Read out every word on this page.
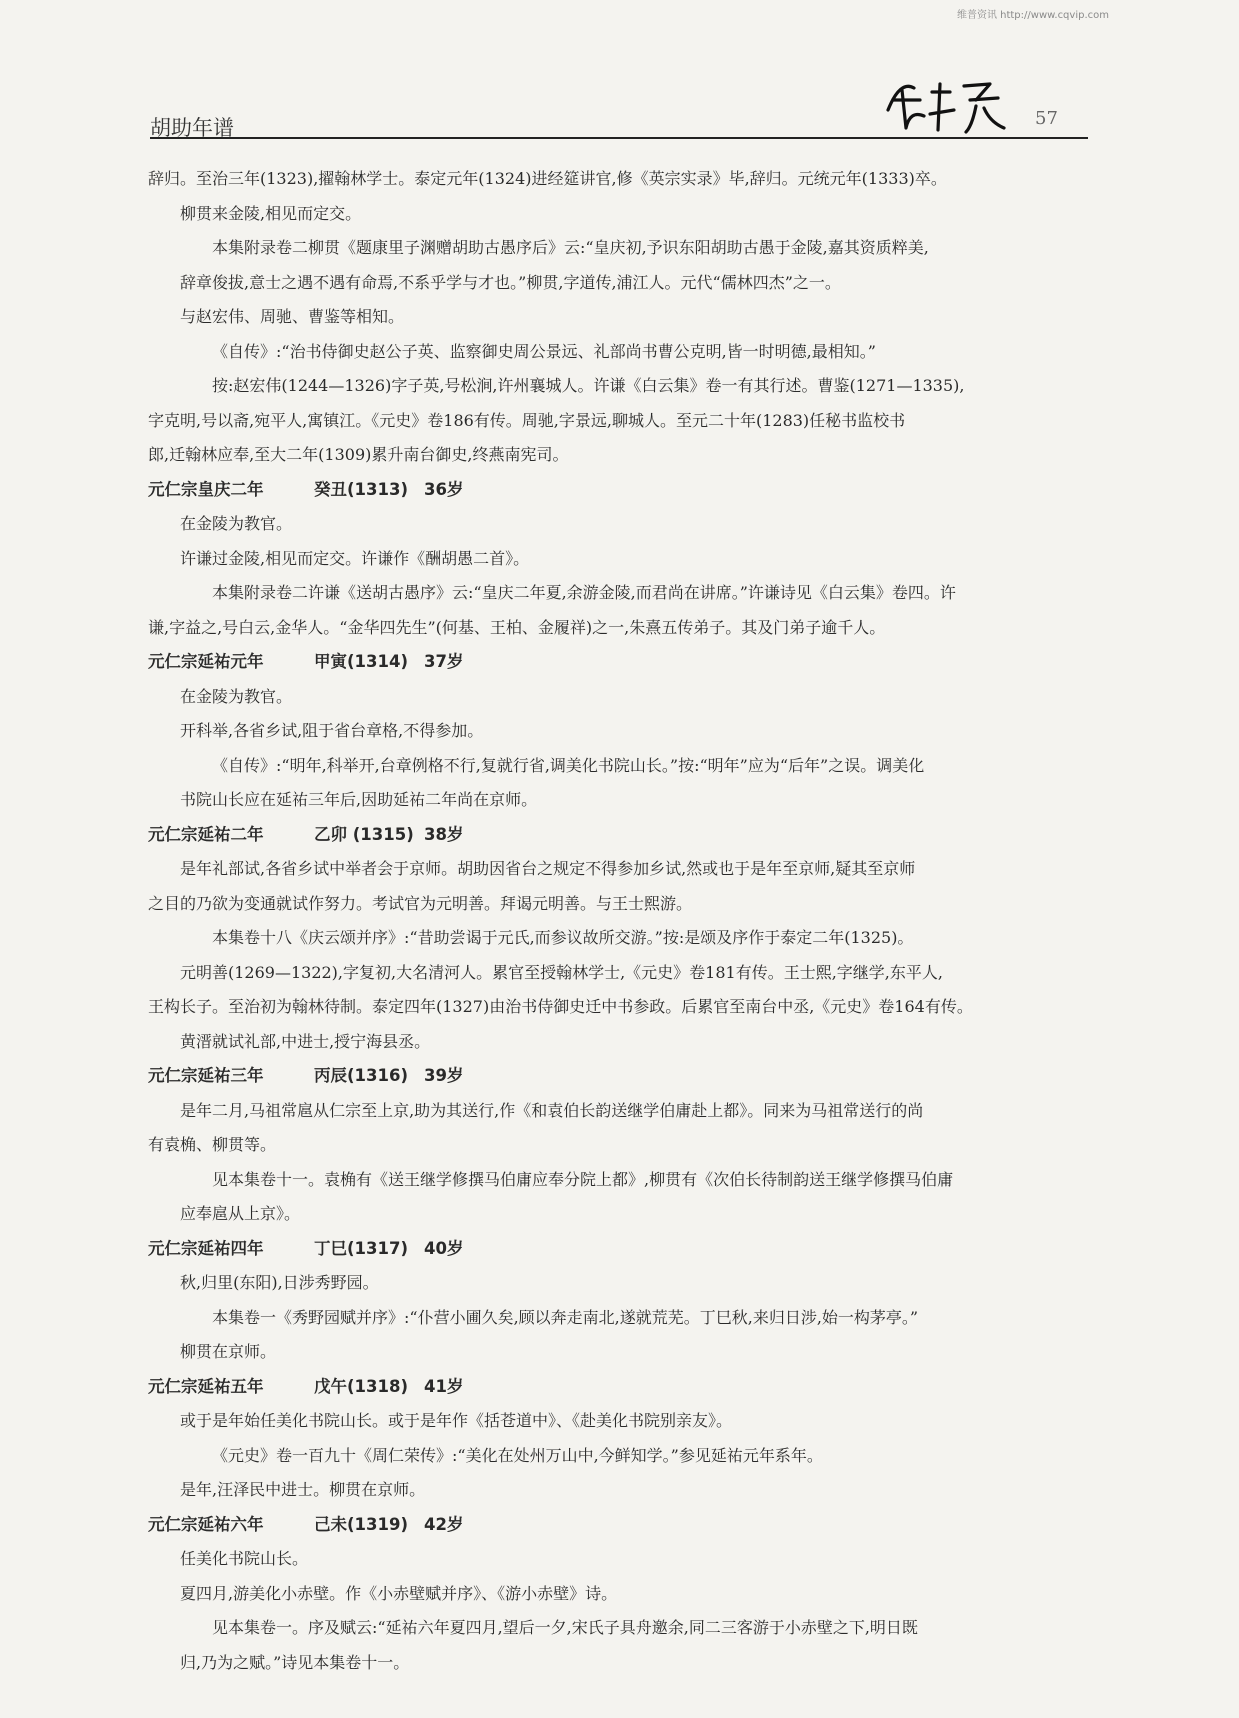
维普资讯 http://www.cqvip.com
胡助年谱	57

辞归。至治三年(1323),擢翰林学士。泰定元年(1324)进经筵讲官,修《英宗实录》毕,辞归。元统元年(1333)卒。

柳贯来金陵,相见而定交。

本集附录卷二柳贯《题康里子渊赠胡助古愚序后》云:“皇庆初,予识东阳胡助古愚于金陵,嘉其资质粹美,

辞章俊拔,意士之遇不遇有命焉,不系乎学与才也。”柳贯,字道传,浦江人。元代“儒林四杰”之一。

与赵宏伟、周驰、曹鉴等相知。

《自传》:“治书侍御史赵公子英、监察御史周公景远、礼部尚书曹公克明,皆一时明德,最相知。”

按:赵宏伟(1244—1326)字子英,号松涧,许州襄城人。许谦《白云集》卷一有其行述。曹鉴(1271—1335),

字克明,号以斋,宛平人,寓镇江。《元史》卷186有传。周驰,字景远,聊城人。至元二十年(1283)任秘书监校书

郎,迁翰林应奉,至大二年(1309)累升南台御史,终燕南宪司。

元仁宗皇庆二年	癸丑(1313) 36岁

在金陵为教官。

许谦过金陵,相见而定交。许谦作《酬胡愚二首》。

本集附录卷二许谦《送胡古愚序》云:“皇庆二年夏,余游金陵,而君尚在讲席。”许谦诗见《白云集》卷四。许

谦,字益之,号白云,金华人。“金华四先生”(何基、王柏、金履祥)之一,朱熹五传弟子。其及门弟子逾千人。

元仁宗延祐元年	甲寅(1314) 37岁

在金陵为教官。

开科举,各省乡试,阻于省台章格,不得参加。

《自传》:“明年,科举开,台章例格不行,复就行省,调美化书院山长。”按:“明年”应为“后年”之误。调美化

书院山长应在延祐三年后,因助延祐二年尚在京师。

元仁宗延祐二年	乙卯 (1315) 38岁

是年礼部试,各省乡试中举者会于京师。胡助因省台之规定不得参加乡试,然或也于是年至京师,疑其至京师

之目的乃欲为变通就试作努力。考试官为元明善。拜谒元明善。与王士熙游。

本集卷十八《庆云颂并序》:“昔助尝谒于元氏,而参议故所交游。”按:是颂及序作于泰定二年(1325)。

元明善(1269—1322),字复初,大名清河人。累官至授翰林学士,《元史》卷181有传。王士熙,字继学,东平人,

王构长子。至治初为翰林待制。泰定四年(1327)由治书侍御史迁中书参政。后累官至南台中丞,《元史》卷164有传。

黄溍就试礼部,中进士,授宁海县丞。

元仁宗延祐三年	丙辰(1316) 39岁

是年二月,马祖常扈从仁宗至上京,助为其送行,作《和袁伯长韵送继学伯庸赴上都》。同来为马祖常送行的尚

有袁桷、柳贯等。

见本集卷十一。袁桷有《送王继学修撰马伯庸应奉分院上都》,柳贯有《次伯长待制韵送王继学修撰马伯庸

应奉扈从上京》。

元仁宗延祐四年	丁巳(1317) 40岁

秋,归里(东阳),日涉秀野园。

本集卷一《秀野园赋并序》:“仆营小圃久矣,顾以奔走南北,遂就荒芜。丁巳秋,来归日涉,始一构茅亭。”

柳贯在京师。

元仁宗延祐五年	戊午(1318) 41岁

或于是年始任美化书院山长。或于是年作《括苍道中》、《赴美化书院别亲友》。

《元史》卷一百九十《周仁荣传》:“美化在处州万山中,今鲜知学。”参见延祐元年系年。

是年,汪泽民中进士。柳贯在京师。

元仁宗延祐六年	己未(1319) 42岁

任美化书院山长。

夏四月,游美化小赤壁。作《小赤壁赋并序》、《游小赤壁》诗。

见本集卷一。序及赋云:“延祐六年夏四月,望后一夕,宋氏子具舟邀余,同二三客游于小赤壁之下,明日既

归,乃为之赋。”诗见本集卷十一。
